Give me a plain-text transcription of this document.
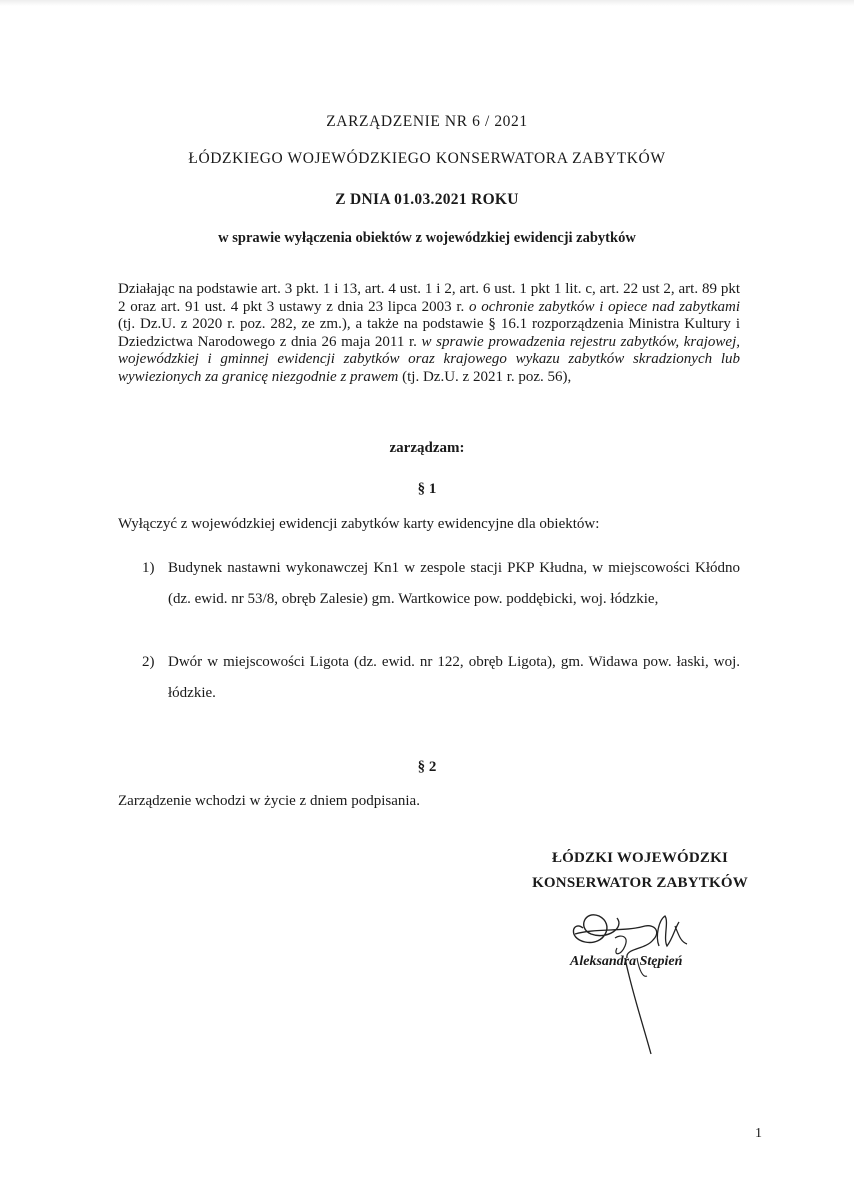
ZARZĄDZENIE NR 6 / 2021
ŁÓDZKIEGO WOJEWÓDZKIEGO KONSERWATORA ZABYTKÓW
Z DNIA 01.03.2021 ROKU
w sprawie wyłączenia obiektów z wojewódzkiej ewidencji zabytków
Działając na podstawie art. 3 pkt. 1 i 13, art. 4 ust. 1 i 2, art. 6 ust. 1 pkt 1 lit. c, art. 22 ust 2, art. 89 pkt 2 oraz art. 91 ust. 4 pkt 3 ustawy z dnia 23 lipca 2003 r. o ochronie zabytków i opiece nad zabytkami (tj. Dz.U. z 2020 r. poz. 282, ze zm.), a także na podstawie § 16.1 rozporządzenia Ministra Kultury i Dziedzictwa Narodowego z dnia 26 maja 2011 r. w sprawie prowadzenia rejestru zabytków, krajowej, wojewódzkiej i gminnej ewidencji zabytków oraz krajowego wykazu zabytków skradzionych lub wywiezionych za granicę niezgodnie z prawem (tj. Dz.U. z 2021 r. poz. 56),
zarządzam:
§ 1
Wyłączyć z wojewódzkiej ewidencji zabytków karty ewidencyjne dla obiektów:
1) Budynek nastawni wykonawczej Kn1 w zespole stacji PKP Kłudna, w miejscowości Kłódno (dz. ewid. nr 53/8, obręb Zalesie) gm. Wartkowice pow. poddębicki, woj. łódzkie,
2) Dwór w miejscowości Ligota (dz. ewid. nr 122, obręb Ligota), gm. Widawa pow. łaski, woj. łódzkie.
§ 2
Zarządzenie wchodzi w życie z dniem podpisania.
ŁÓDZKI WOJEWÓDZKI
KONSERWATOR ZABYTKÓW
Aleksandra Stępień
1
